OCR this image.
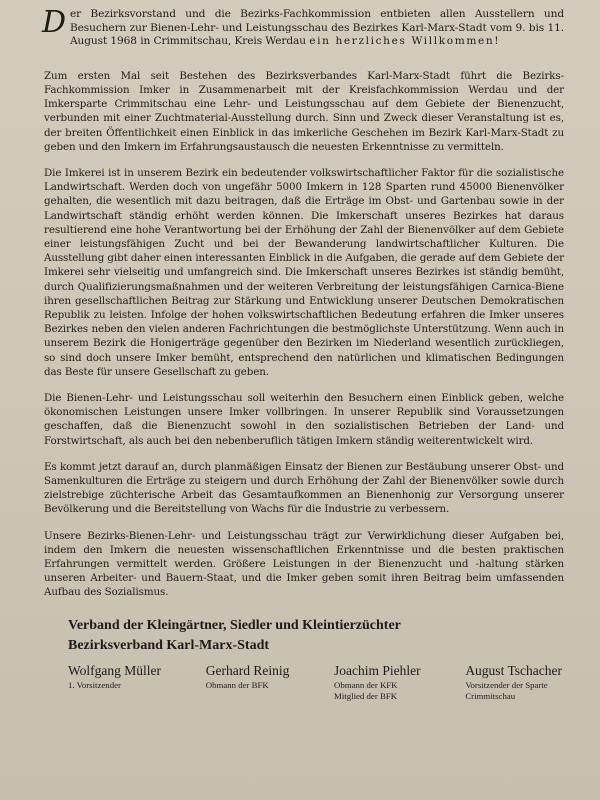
Der Bezirksvorstand und die Bezirks-Fachkommission entbieten allen Ausstellern und Besuchern zur Bienen-Lehr- und Leistungsschau des Bezirkes Karl-Marx-Stadt vom 9. bis 11. August 1968 in Crimmitschau, Kreis Werdau ein herzliches Willkommen!

Zum ersten Mal seit Bestehen des Bezirksverbandes Karl-Marx-Stadt führt die Bezirks-Fachkommission Imker in Zusammenarbeit mit der Kreisfachkommission Werdau und der Imkersparte Crimmitschau eine Lehr- und Leistungsschau auf dem Gebiete der Bienenzucht, verbunden mit einer Zuchtmaterial-Ausstellung durch. Sinn und Zweck dieser Veranstaltung ist es, der breiten Öffentlichkeit einen Einblick in das imkerliche Geschehen im Bezirk Karl-Marx-Stadt zu geben und den Imkern im Erfahrungsaustausch die neuesten Erkenntnisse zu vermitteln.

Die Imkerei ist in unserem Bezirk ein bedeutender volkswirtschaftlicher Faktor für die sozialistische Landwirtschaft. Werden doch von ungefähr 5000 Imkern in 128 Sparten rund 45000 Bienenvölker gehalten, die wesentlich mit dazu beitragen, daß die Erträge im Obst- und Gartenbau sowie in der Landwirtschaft ständig erhöht werden können. Die Imkerschaft unseres Bezirkes hat daraus resultierend eine hohe Verantwortung bei der Erhöhung der Zahl der Bienenvölker auf dem Gebiete einer leistungsfähigen Zucht und bei der Bewanderung landwirtschaftlicher Kulturen. Die Ausstellung gibt daher einen interessanten Einblick in die Aufgaben, die gerade auf dem Gebiete der Imkerei sehr vielseitig und umfangreich sind. Die Imkerschaft unseres Bezirkes ist ständig bemüht, durch Qualifizierungsmaßnahmen und der weiteren Verbreitung der leistungsfähigen Carnica-Biene ihren gesellschaftlichen Beitrag zur Stärkung und Entwicklung unserer Deutschen Demokratischen Republik zu leisten. Infolge der hohen volkswirtschaftlichen Bedeutung erfahren die Imker unseres Bezirkes neben den vielen anderen Fachrichtungen die bestmöglichste Unterstützung. Wenn auch in unserem Bezirk die Honigerträge gegenüber den Bezirken im Niederland wesentlich zurückliegen, so sind doch unsere Imker bemüht, entsprechend den natürlichen und klimatischen Bedingungen das Beste für unsere Gesellschaft zu geben.

Die Bienen-Lehr- und Leistungsschau soll weiterhin den Besuchern einen Einblick geben, welche ökonomischen Leistungen unsere Imker vollbringen. In unserer Republik sind Voraussetzungen geschaffen, daß die Bienenzucht sowohl in den sozialistischen Betrieben der Land- und Forstwirtschaft, als auch bei den nebenberuflich tätigen Imkern ständig weiterentwickelt wird.

Es kommt jetzt darauf an, durch planmäßigen Einsatz der Bienen zur Bestäubung unserer Obst- und Samenkulturen die Erträge zu steigern und durch Erhöhung der Zahl der Bienenvölker sowie durch zielstrebige züchterische Arbeit das Gesamtaufkommen an Bienenhonig zur Versorgung unserer Bevölkerung und die Bereitstellung von Wachs für die Industrie zu verbessern.

Unsere Bezirks-Bienen-Lehr- und Leistungsschau trägt zur Verwirklichung dieser Aufgaben bei, indem den Imkern die neuesten wissenschaftlichen Erkenntnisse und die besten praktischen Erfahrungen vermittelt werden. Größere Leistungen in der Bienenzucht und -haltung stärken unseren Arbeiter- und Bauern-Staat, und die Imker geben somit ihren Beitrag beim umfassenden Aufbau des Sozialismus.

Verband der Kleingärtner, Siedler und Kleintierzüchter
Bezirksverband Karl-Marx-Stadt
Wolfgang Müller
1. Vorsitzender
Gerhard Reinig
Obmann der BFK
Joachim Piehler
Obmann der KFK
Mitglied der BFK
August Tschacher
Vorsitzender der Sparte
Crimmitschau
